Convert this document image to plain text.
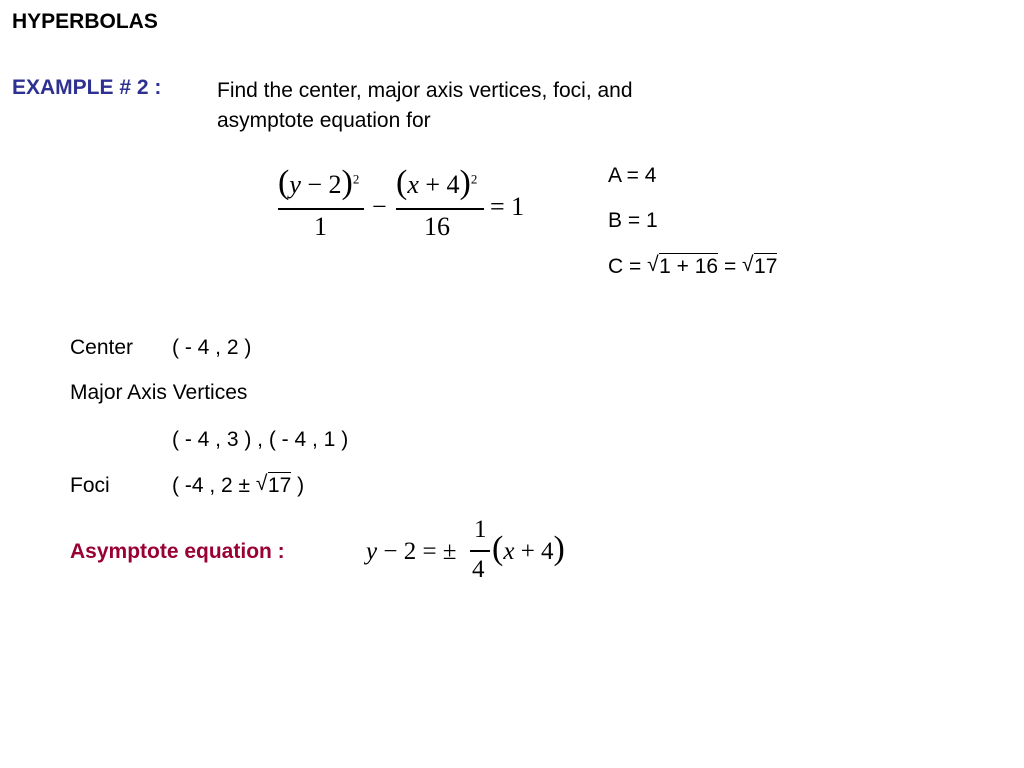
HYPERBOLAS
EXAMPLE # 2 :	Find the center, major axis vertices, foci, and
asymptote equation for
$(y - 2)^2$
1
−
$(x + 4)^2$
16
= 1
A = 4
B = 1
C = √ 1 + 16 = √ 17
Center ( - 4 , 2 )
Major Axis Vertices
( - 4 , 3 ) , ( - 4 , 1 )
Foci	( -4 , 2 ± √ 17 )
Asymptote equation :	y − 2 = ±
1
4
(x + 4)
